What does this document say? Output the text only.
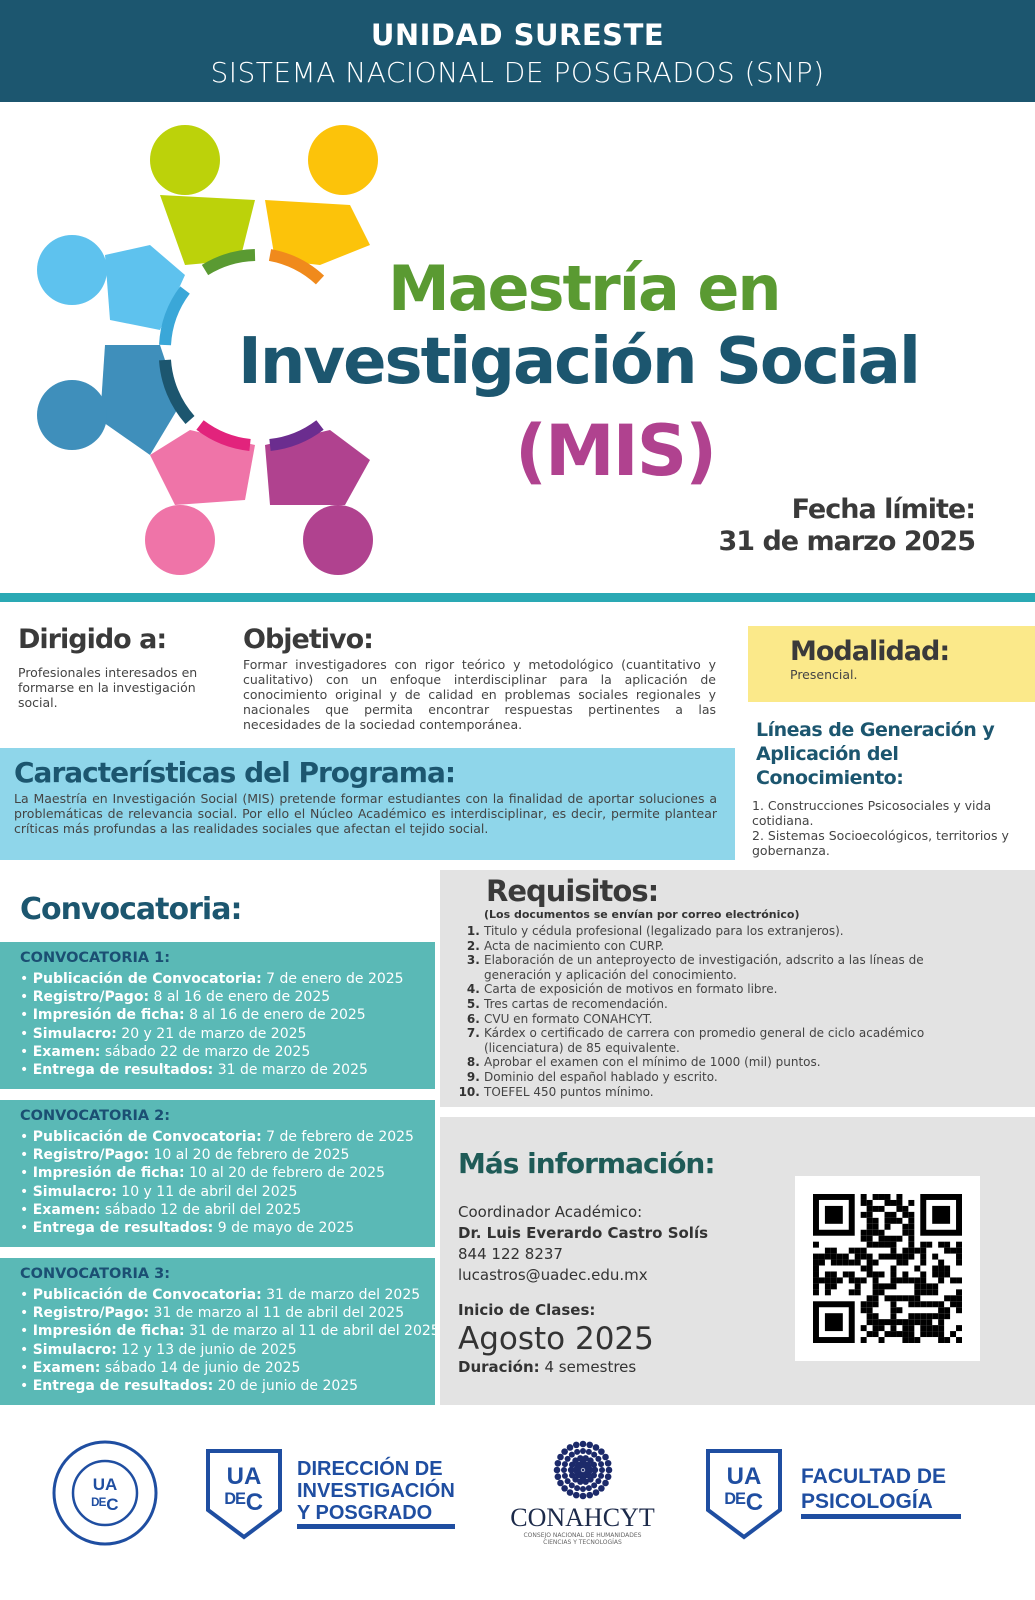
UNIDAD SURESTE
SISTEMA NACIONAL DE POSGRADOS (SNP)
Maestría en
Investigación Social
(MIS)
Fecha límite:
31 de marzo 2025
Dirigido a:
Profesionales interesados en formarse en la investigación social.
Objetivo:
Formar investigadores con rigor teórico y metodológico (cuantitativo y cualitativo) con un enfoque interdisciplinar para la aplicación de conocimiento original y de calidad en problemas sociales regionales y nacionales que permita encontrar respuestas pertinentes a las necesidades de la sociedad contemporánea.
Características del Programa:
La Maestría en Investigación Social (MIS) pretende formar estudiantes con la finalidad de aportar soluciones a problemáticas de relevancia social. Por ello el Núcleo Académico es interdisciplinar, es decir, permite plantear críticas más profundas a las realidades sociales que afectan el tejido social.
Modalidad:
Presencial.
Líneas de Generación y Aplicación del Conocimiento:
1. Construcciones Psicosociales y vida cotidiana.
2. Sistemas Socioecológicos, territorios y gobernanza.
Convocatoria:
CONVOCATORIA 1:
• Publicación de Convocatoria: 7 de enero de 2025
• Registro/Pago: 8 al 16 de enero de 2025
• Impresión de ficha: 8 al 16 de enero de 2025
• Simulacro: 20 y 21 de marzo de 2025
• Examen: sábado 22 de marzo de 2025
• Entrega de resultados: 31 de marzo de 2025
CONVOCATORIA 2:
• Publicación de Convocatoria: 7 de febrero de 2025
• Registro/Pago: 10 al 20 de febrero de 2025
• Impresión de ficha: 10 al 20 de febrero de 2025
• Simulacro: 10 y 11 de abril del 2025
• Examen: sábado 12 de abril del 2025
• Entrega de resultados: 9 de mayo de 2025
CONVOCATORIA 3:
• Publicación de Convocatoria: 31 de marzo del 2025
• Registro/Pago: 31 de marzo al 11 de abril del 2025
• Impresión de ficha: 31 de marzo al 11 de abril del 2025
• Simulacro: 12 y 13 de junio de 2025
• Examen: sábado 14 de junio de 2025
• Entrega de resultados: 20 de junio de 2025
Requisitos:
(Los documentos se envían por correo electrónico)
1. Titulo y cédula profesional (legalizado para los extranjeros).
2. Acta de nacimiento con CURP.
3. Elaboración de un anteproyecto de investigación, adscrito a las líneas de generación y aplicación del conocimiento.
4. Carta de exposición de motivos en formato libre.
5. Tres cartas de recomendación.
6. CVU en formato CONAHCYT.
7. Kárdex o certificado de carrera con promedio general de ciclo académico (licenciatura) de 85 equivalente.
8. Aprobar el examen con el mínimo de 1000 (mil) puntos.
9. Dominio del español hablado y escrito.
10. TOEFEL 450 puntos mínimo.
Más información:
Coordinador Académico:
Dr. Luis Everardo Castro Solís
844 122 8237
lucastros@uadec.edu.mx
Inicio de Clases:
Agosto 2025
Duración: 4 semestres
UA
ᴰᴱC
UA
ᴰᴱC
DIRECCIÓN DE
INVESTIGACIÓN
Y POSGRADO	CONAHCYT
CONSEJO NACIONAL DE HUMANIDADES
CIENCIAS Y TECNOLOGÍAS
UA
ᴰᴱC
FACULTAD DE
PSICOLOGÍA
